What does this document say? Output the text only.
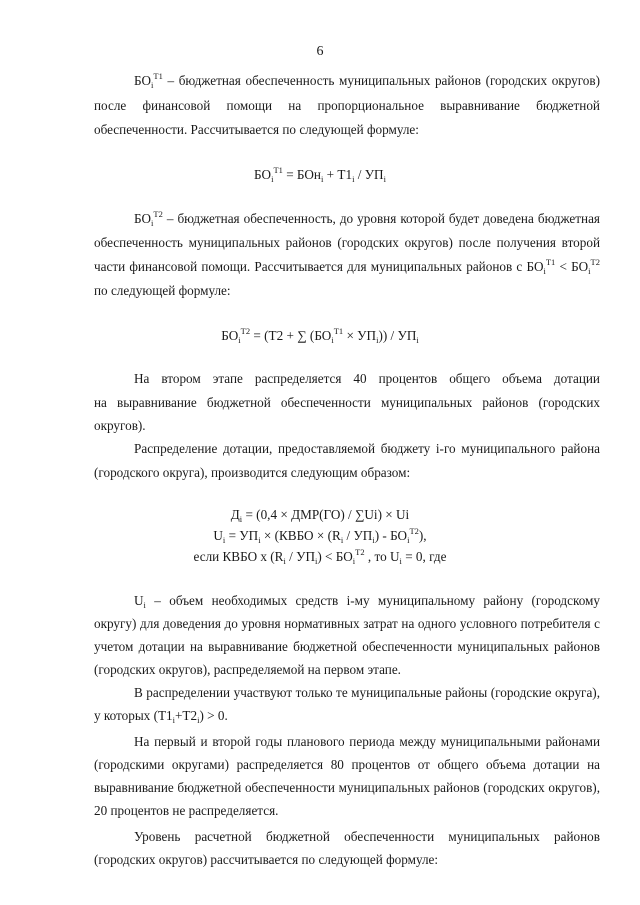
6
$БО_i^{T1}$ – бюджетная обеспеченность муниципальных районов (городских округов)
после финансовой помощи на пропорциональное выравнивание бюджетной
обеспеченности. Рассчитывается по следующей формуле:
$БО_i^{T1} = БОн_i + Т1_i / УП_i$
$БО_i^{T2}$ – бюджетная обеспеченность, до уровня которой будет доведена бюджетная
обеспеченность муниципальных районов (городских округов) после получения второй
части финансовой помощи. Рассчитывается для муниципальных районов с $БО_i^{T1} < БО_i^{T2}$
по следующей формуле:
$БО_i^{T2} = (Т2$ + ∑ $(БО_i^{T1} \times УП_i)) / УП_i$
На втором этапе распределяется 40 процентов общего объема дотации
на выравнивание бюджетной обеспеченности муниципальных районов (городских
округов).
Распределение дотации, предоставляемой бюджету i-го муниципального района
(городского округа), производится следующим образом:
$Д_i = (0,4 \times ДМР(ГО) / \sum Ui) \times Ui$
$U_i = УП_i$ × (КВБО × $(R_i / УП_i) - БО_i^{T2}$),
если КВБО х $(R_i / УП_i) < БО_i^{T2}$ , то $U_i = 0$, где
$U_i$ – объем необходимых средств i-му муниципальному району (городскому
округу) для доведения до уровня нормативных затрат на одного условного потребителя с
учетом дотации на выравнивание бюджетной обеспеченности муниципальных районов
(городских округов), распределяемой на первом этапе.
В распределении участвуют только те муниципальные районы (городские округа),
у которых $(Т1_i+Т2_i) > 0$.
На первый и второй годы планового периода между муниципальными районами
(городскими округами) распределяется 80 процентов от общего объема дотации на
выравнивание бюджетной обеспеченности муниципальных районов (городских округов),
20 процентов не распределяется.
Уровень расчетной бюджетной обеспеченности муниципальных районов
(городских округов) рассчитывается по следующей формуле:
